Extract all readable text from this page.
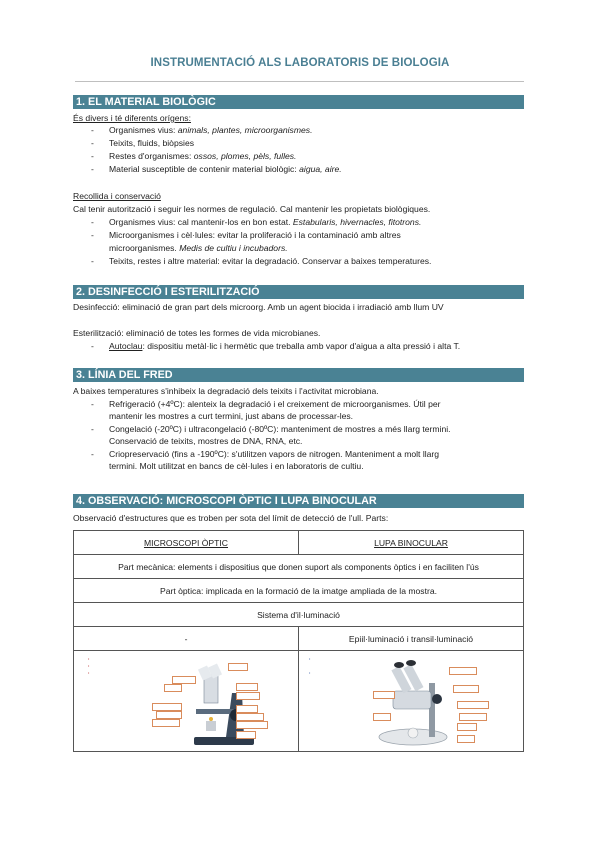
INSTRUMENTACIÓ ALS LABORATORIS DE BIOLOGIA
1. EL MATERIAL BIOLÒGIC
És divers i té diferents orígens:
- Organismes vius: animals, plantes, microorganismes.
- Teixits, fluids, biòpsies
- Restes d'organismes: ossos, plomes, pèls, fulles.
- Material susceptible de contenir material biològic: aigua, aire.
Recollida i conservació
Cal tenir autorització i seguir les normes de regulació. Cal mantenir les propietats biològiques.
- Organismes vius: cal mantenir-los en bon estat. Estabularis, hivernacles, fitotrons.
- Microorganismes i cèl·lules: evitar la proliferació i la contaminació amb altres
microorganismes. Medis de cultiu i incubadors.
- Teixits, restes i altre material: evitar la degradació. Conservar a baixes temperatures.
2. DESINFECCIÓ I ESTERILITZACIÓ
Desinfecció: eliminació de gran part dels microorg. Amb un agent biocida i irradiació amb llum UV
Esterilització: eliminació de totes les formes de vida microbianes.
- Autoclau: dispositiu metàl·lic i hermètic que treballa amb vapor d'aigua a alta pressió i alta T.
3. LÍNIA DEL FRED
A baixes temperatures s'inhibeix la degradació dels teixits i l'activitat microbiana.
- Refrigeració (+4ºC): alenteix la degradació i el creixement de microorganismes. Útil per
mantenir les mostres a curt termini, just abans de processar-les.
- Congelació (-20ºC) i ultracongelació (-80ºC): manteniment de mostres a més llarg termini.
Conservació de teixits, mostres de DNA, RNA, etc.
- Criopreservació (fins a -190ºC): s'utilitzen vapors de nitrogen. Manteniment a molt llarg
termini. Molt utilitzat en bancs de cèl·lules i en laboratoris de cultiu.
4. OBSERVACIÓ: MICROSCOPI ÒPTIC I LUPA BINOCULAR
Observació d'estructures que es troben per sota del límit de detecció de l'ull. Parts:
MICROSCOPI ÒPTIC	LUPA BINOCULAR
Part mecànica: elements i dispositius que donen suport als components òptics i en faciliten l'ús	
Part òptica: implicada en la formació de la imatge ampliada de la mostra.	
Sistema d'il·luminació	
-	Epiil·luminació i transil·luminació

•
•
•	•
•
